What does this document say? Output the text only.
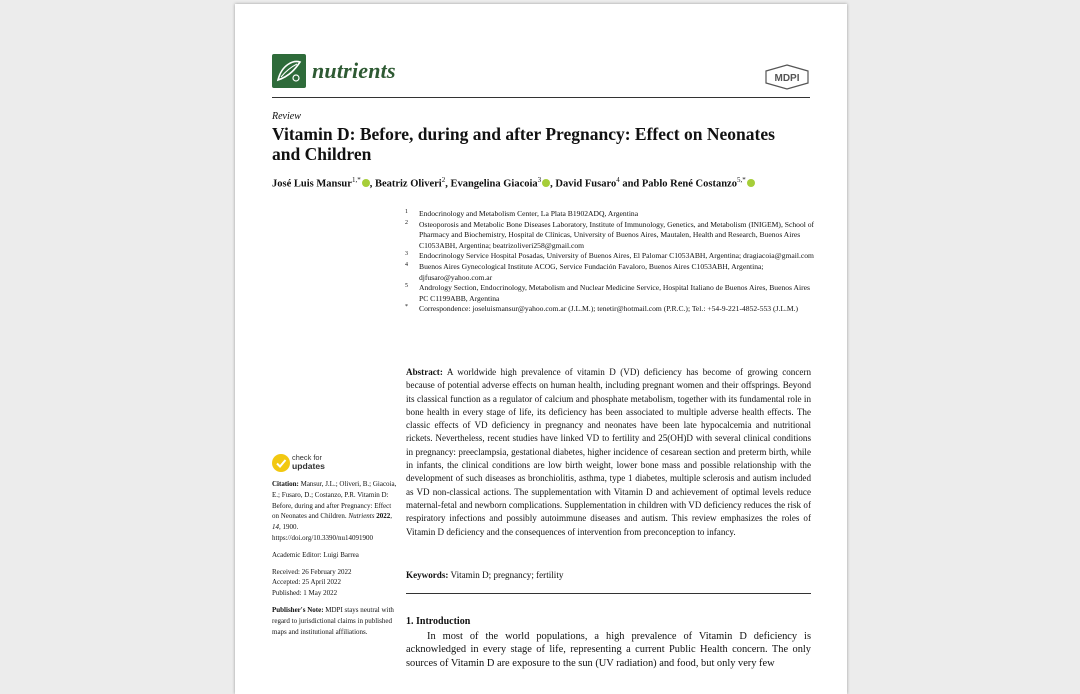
nutrients	MDPI
Review
Vitamin D: Before, during and after Pregnancy: Effect on Neonates and Children
José Luis Mansur$^{1,*}$ , Beatriz Oliveri$^2$, Evangelina Giacoia$^3$ , David Fusaro$^4$ and Pablo René Costanzo$^{5,*}$
1 Endocrinology and Metabolism Center, La Plata B1902ADQ, Argentina
2 Osteoporosis and Metabolic Bone Diseases Laboratory, Institute of Immunology, Genetics, and Metabolism (INIGEM), School of Pharmacy and Biochemistry, Hospital de Clínicas, University of Buenos Aires, Mautalen, Health and Research, Buenos Aires C1053ABH, Argentina; beatrizoliveri258@gmail.com
3 Endocrinology Service Hospital Posadas, University of Buenos Aires, El Palomar C1053ABH, Argentina; dragiacoia@gmail.com
4 Buenos Aires Gynecological Institute ACOG, Service Fundación Favaloro, Buenos Aires C1053ABH, Argentina; djfusaro@yahoo.com.ar
5 Andrology Section, Endocrinology, Metabolism and Nuclear Medicine Service, Hospital Italiano de Buenos Aires, Buenos Aires PC C1199ABB, Argentina
* Correspondence: joseluismansur@yahoo.com.ar (J.L.M.); tenetir@hotmail.com (P.R.C.); Tel.: +54-9-221-4852-553 (J.L.M.)
Abstract: A worldwide high prevalence of vitamin D (VD) deficiency has become of growing concern because of potential adverse effects on human health, including pregnant women and their offsprings. Beyond its classical function as a regulator of calcium and phosphate metabolism, together with its fundamental role in bone health in every stage of life, its deficiency has been associated to multiple adverse health effects. The classic effects of VD deficiency in pregnancy and neonates have been late hypocalcemia and nutritional rickets. Nevertheless, recent studies have linked VD to fertility and 25(OH)D with several clinical conditions in pregnancy: preeclampsia, gestational diabetes, higher incidence of cesarean section and preterm birth, while in infants, the clinical conditions are low birth weight, lower bone mass and possible relationship with the development of such diseases as bronchiolitis, asthma, type 1 diabetes, multiple sclerosis and autism included as VD non-classical actions. The supplementation with Vitamin D and achievement of optimal levels reduce maternal-fetal and newborn complications. Supplementation in children with VD deficiency reduces the risk of respiratory infections and possibly autoimmune diseases and autism. This review emphasizes the roles of Vitamin D deficiency and the consequences of intervention from preconception to infancy.
Keywords: Vitamin D; pregnancy; fertility
1. Introduction
In most of the world populations, a high prevalence of Vitamin D deficiency is acknowledged in every stage of life, representing a current Public Health concern. The only sources of Vitamin D are exposure to the sun (UV radiation) and food, but only very few
check for
updates

Citation: Mansur, J.L.; Oliveri, B.; Giacoia, E.; Fusaro, D.; Costanzo, P.R. Vitamin D: Before, during and after Pregnancy: Effect on Neonates and Children. Nutrients 2022, 14, 1900. https://doi.org/10.3390/nu14091900

Academic Editor: Luigi Barrea

Received: 26 February 2022
Accepted: 25 April 2022
Published: 1 May 2022

Publisher's Note: MDPI stays neutral with regard to jurisdictional claims in published maps and institutional affiliations.
